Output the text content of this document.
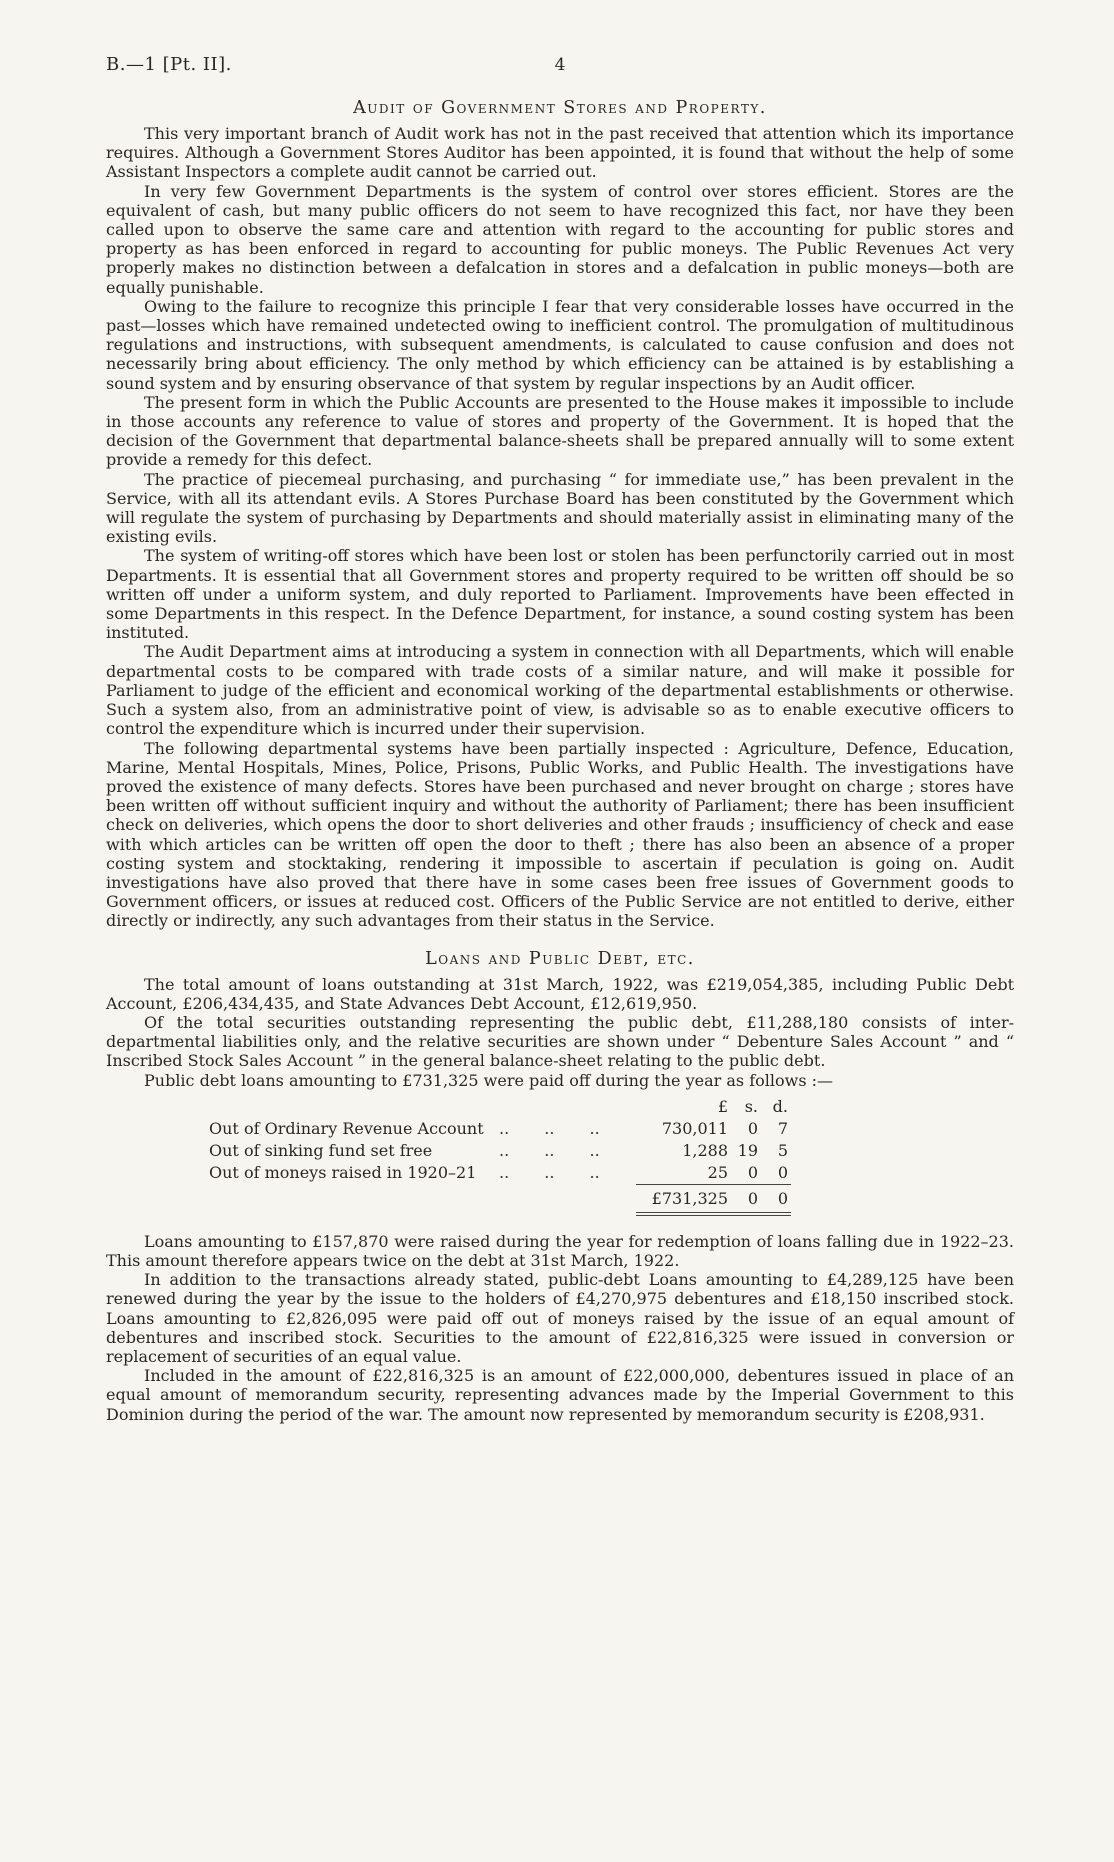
B.—1 [Pt. II].	4
Audit of Government Stores and Property.

This very important branch of Audit work has not in the past received that attention which its importance requires. Although a Government Stores Auditor has been appointed, it is found that without the help of some Assistant Inspectors a complete audit cannot be carried out.

In very few Government Departments is the system of control over stores efficient. Stores are the equivalent of cash, but many public officers do not seem to have recognized this fact, nor have they been called upon to observe the same care and attention with regard to the accounting for public stores and property as has been enforced in regard to accounting for public moneys. The Public Revenues Act very properly makes no distinction between a defalcation in stores and a defalcation in public moneys—both are equally punishable.

Owing to the failure to recognize this principle I fear that very considerable losses have occurred in the past—losses which have remained undetected owing to inefficient control. The promulgation of multitudinous regulations and instructions, with subsequent amendments, is calculated to cause confusion and does not necessarily bring about efficiency. The only method by which efficiency can be attained is by establishing a sound system and by ensuring observance of that system by regular inspections by an Audit officer.

The present form in which the Public Accounts are presented to the House makes it impossible to include in those accounts any reference to value of stores and property of the Government. It is hoped that the decision of the Government that departmental balance-sheets shall be prepared annually will to some extent provide a remedy for this defect.

The practice of piecemeal purchasing, and purchasing “ for immediate use,” has been prevalent in the Service, with all its attendant evils. A Stores Purchase Board has been constituted by the Government which will regulate the system of purchasing by Departments and should materially assist in eliminating many of the existing evils.

The system of writing-off stores which have been lost or stolen has been perfunctorily carried out in most Departments. It is essential that all Government stores and property required to be written off should be so written off under a uniform system, and duly reported to Parliament. Improvements have been effected in some Departments in this respect. In the Defence Department, for instance, a sound costing system has been instituted.

The Audit Department aims at introducing a system in connection with all Departments, which will enable departmental costs to be compared with trade costs of a similar nature, and will make it possible for Parliament to judge of the efficient and economical working of the departmental establishments or otherwise. Such a system also, from an administrative point of view, is advisable so as to enable executive officers to control the expenditure which is incurred under their supervision.

The following departmental systems have been partially inspected : Agriculture, Defence, Education, Marine, Mental Hospitals, Mines, Police, Prisons, Public Works, and Public Health. The investigations have proved the existence of many defects. Stores have been purchased and never brought on charge ; stores have been written off without sufficient inquiry and without the authority of Parliament; there has been insufficient check on deliveries, which opens the door to short deliveries and other frauds ; insufficiency of check and ease with which articles can be written off open the door to theft ; there has also been an absence of a proper costing system and stocktaking, rendering it impossible to ascertain if peculation is going on. Audit investigations have also proved that there have in some cases been free issues of Government goods to Government officers, or issues at reduced cost. Officers of the Public Service are not entitled to derive, either directly or indirectly, any such advantages from their status in the Service.

Loans and Public Debt, etc.

The total amount of loans outstanding at 31st March, 1922, was £219,054,385, including Public Debt Account, £206,434,435, and State Advances Debt Account, £12,619,950.

Of the total securities outstanding representing the public debt, £11,288,180 consists of inter-departmental liabilities only, and the relative securities are shown under “ Debenture Sales Account ” and “ Inscribed Stock Sales Account ” in the general balance-sheet relating to the public debt.

Public debt loans amounting to £731,325 were paid off during the year as follows :—

		£	s.	d.
Out of Ordinary Revenue Account	.. .. ..	730,011	0	7
Out of sinking fund set free	.. .. ..	1,288	19	5
Out of moneys raised in 1920–21	.. .. ..	25	0	0
		£731,325	0	0

Loans amounting to £157,870 were raised during the year for redemption of loans falling due in 1922–23. This amount therefore appears twice on the debt at 31st March, 1922.

In addition to the transactions already stated, public-debt Loans amounting to £4,289,125 have been renewed during the year by the issue to the holders of £4,270,975 debentures and £18,150 inscribed stock. Loans amounting to £2,826,095 were paid off out of moneys raised by the issue of an equal amount of debentures and inscribed stock. Securities to the amount of £22,816,325 were issued in conversion or replacement of securities of an equal value.

Included in the amount of £22,816,325 is an amount of £22,000,000, debentures issued in place of an equal amount of memorandum security, representing advances made by the Imperial Government to this Dominion during the period of the war. The amount now represented by memorandum security is £208,931.
